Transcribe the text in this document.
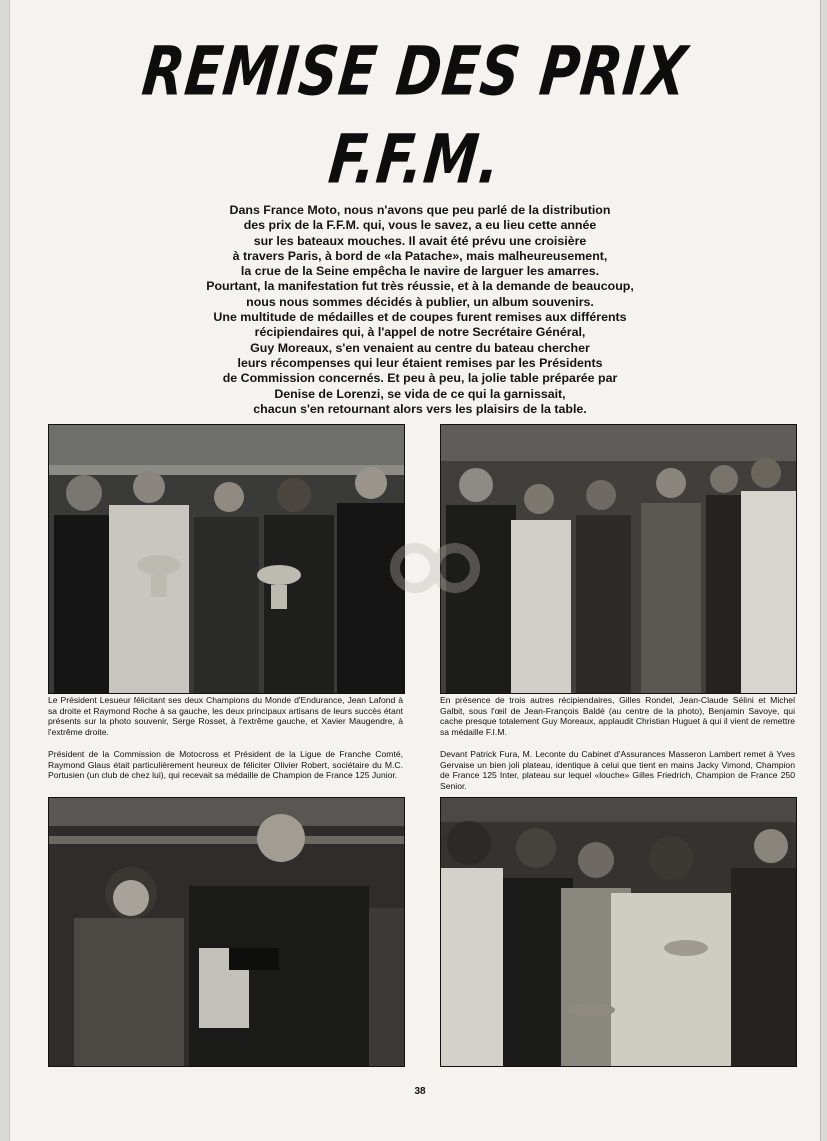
REMISE DES PRIX
F.F.M.

Dans France Moto, nous n'avons que peu parlé de la distribution

des prix de la F.F.M. qui, vous le savez, a eu lieu cette année

sur les bateaux mouches. Il avait été prévu une croisière

à travers Paris, à bord de «la Patache», mais malheureusement,

la crue de la Seine empêcha le navire de larguer les amarres.

Pourtant, la manifestation fut très réussie, et à la demande de beaucoup,

nous nous sommes décidés à publier, un album souvenirs.

Une multitude de médailles et de coupes furent remises aux différents

récipiendaires qui, à l'appel de notre Secrétaire Général,

Guy Moreaux, s'en venaient au centre du bateau chercher

leurs récompenses qui leur étaient remises par les Présidents

de Commission concernés. Et peu à peu, la jolie table préparée par

Denise de Lorenzi, se vida de ce qui la garnissait,

chacun s'en retournant alors vers les plaisirs de la table.

Le Président Lesueur félicitant ses deux Champions du Monde d'Endurance, Jean Lafond à sa droite et Raymond Roche à sa gauche, les deux principaux artisans de leurs succès étant présents sur la photo souvenir, Serge Rosset, à l'extrême gauche, et Xavier Maugendre, à l'extrême droite.
En présence de trois autres récipiendaires, Gilles Rondel, Jean-Claude Sélini et Michel Galbit, sous l'œil de Jean-François Baldé (au centre de la photo), Benjamin Savoye, qui cache presque totalement Guy Moreaux, applaudit Christian Huguet à qui il vient de remettre sa médaille F.I.M.
Président de la Commission de Motocross et Président de la Ligue de Franche Comté, Raymond Glaus était particulièrement heureux de féliciter Olivier Robert, sociétaire du M.C. Portusien (un club de chez lui), qui recevait sa médaille de Champion de France 125 Junior.
Devant Patrick Fura, M. Leconte du Cabinet d'Assurances Masseron Lambert remet à Yves Gervaise un bien joli plateau, identique à celui que tient en mains Jacky Vimond, Champion de France 125 Inter, plateau sur lequel «louche» Gilles Friedrich, Champion de France 250 Senior.
38
